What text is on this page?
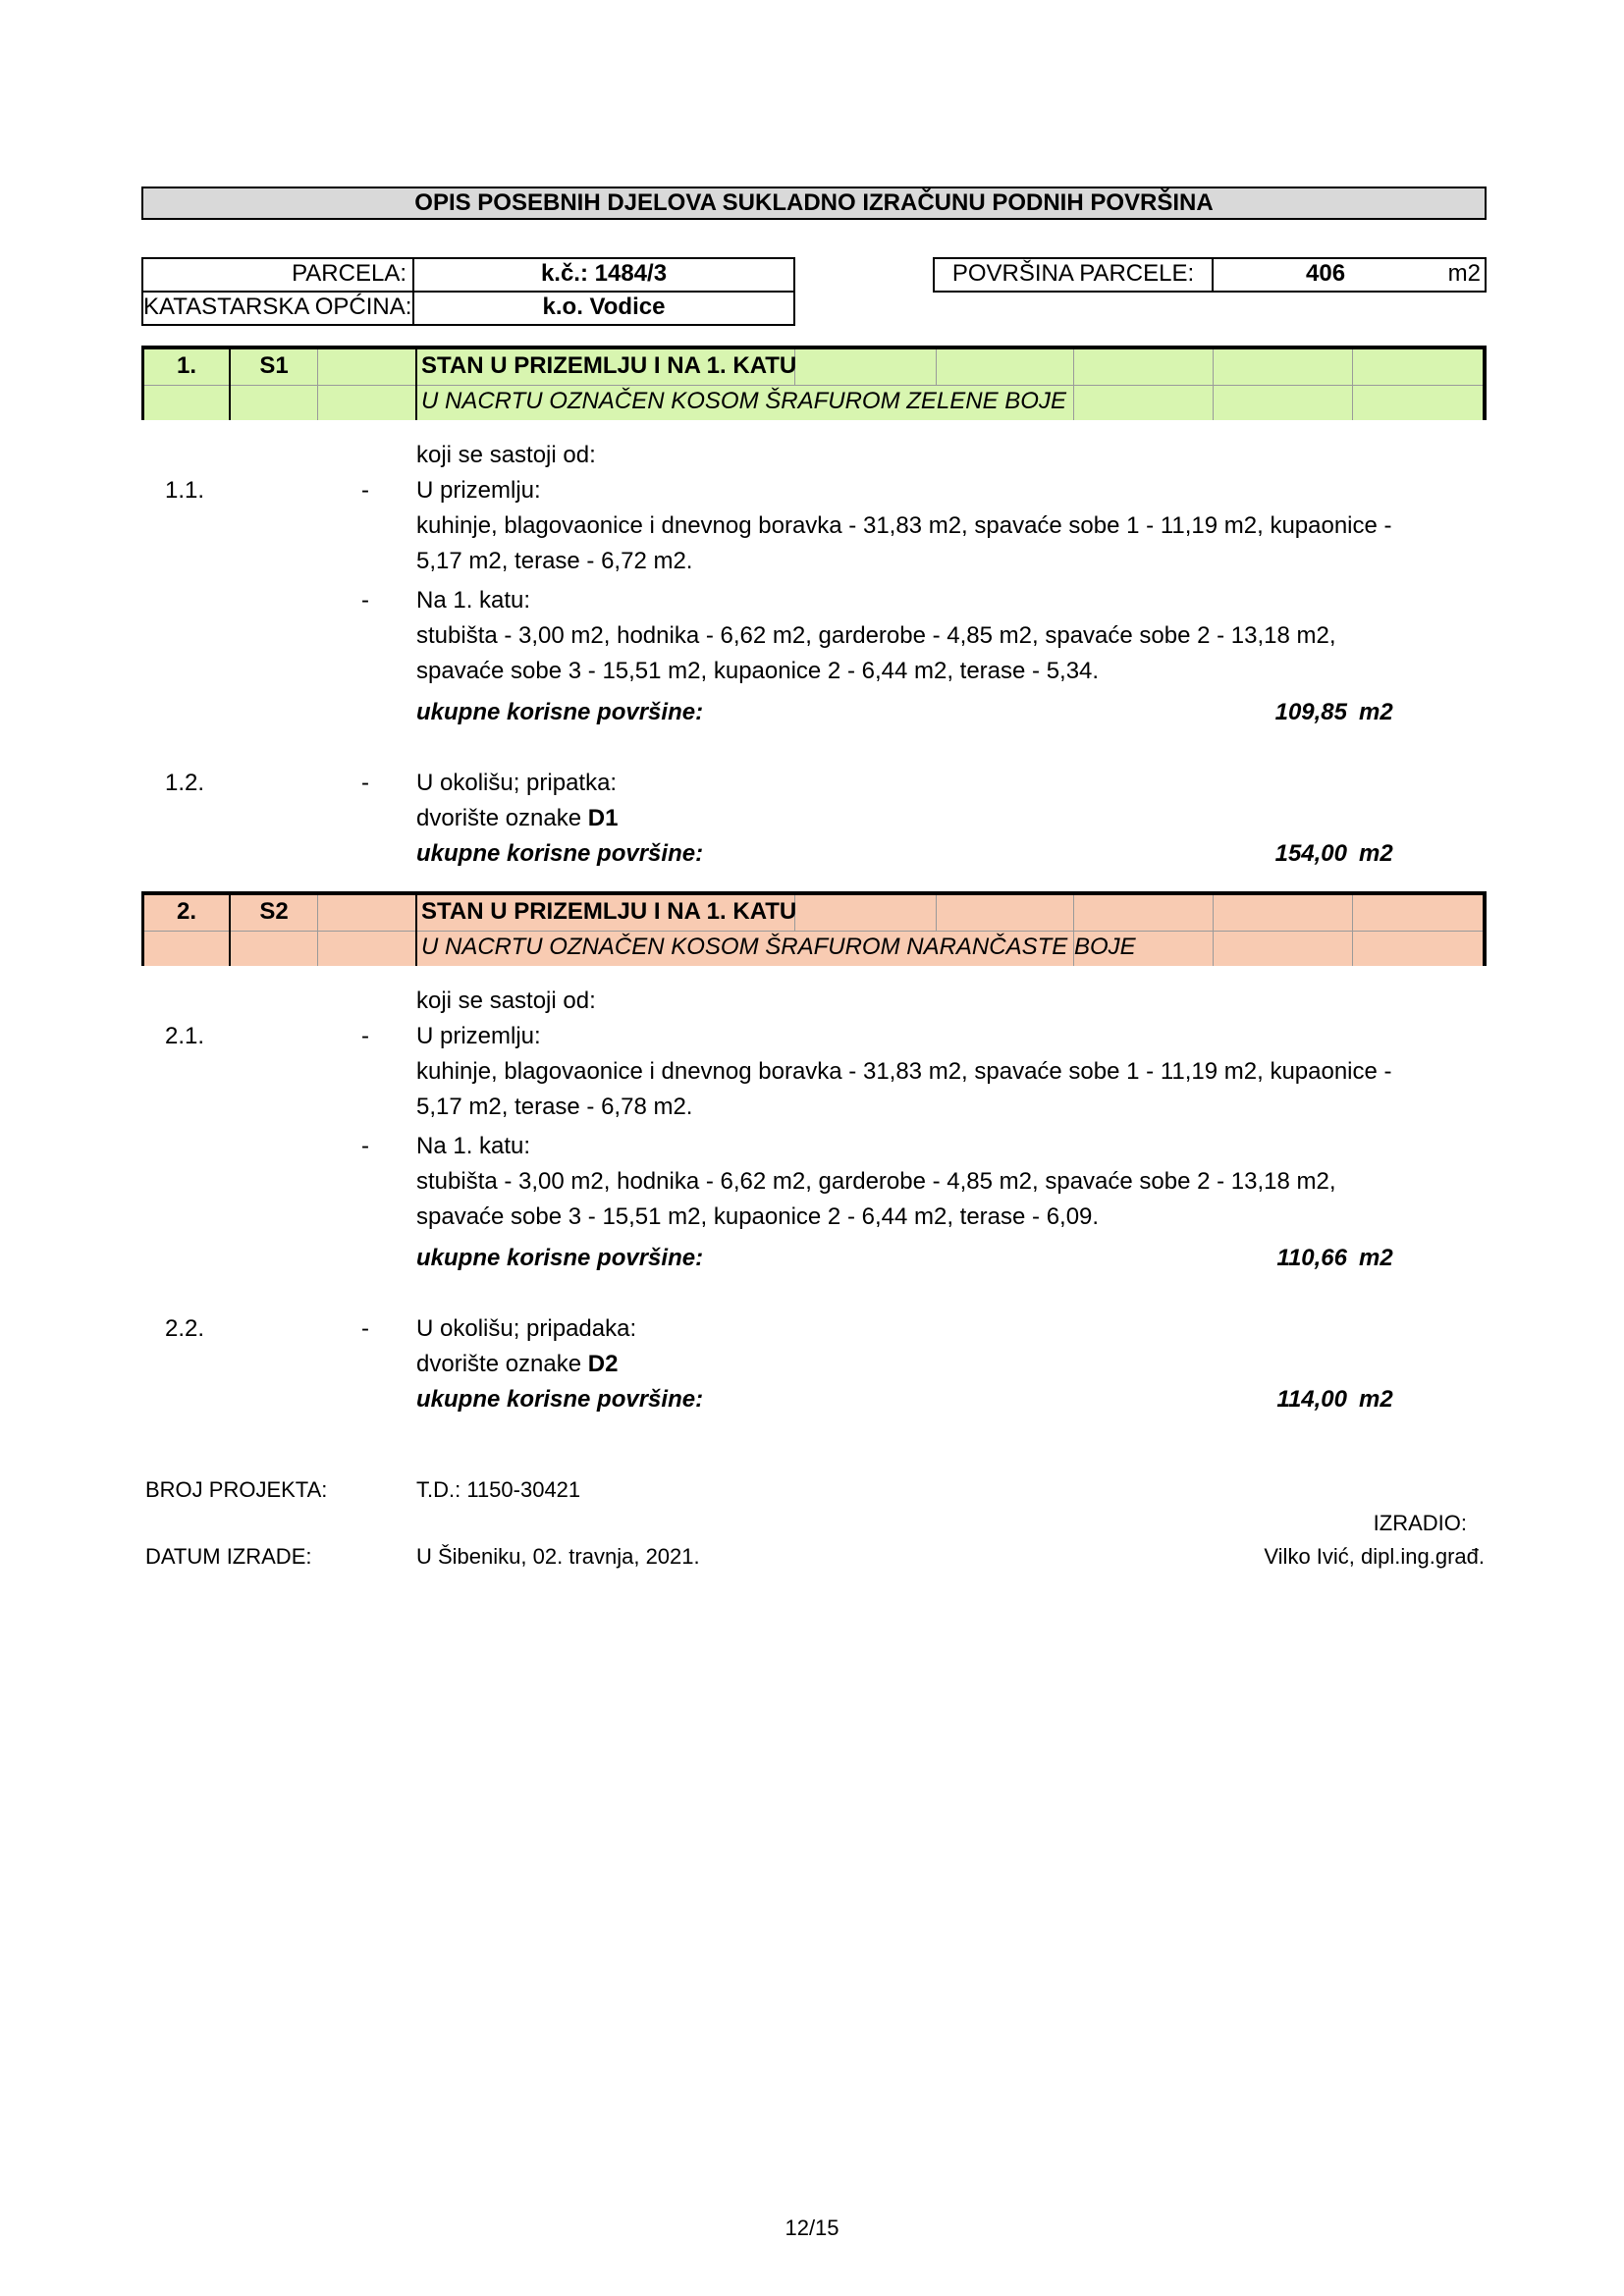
OPIS POSEBNIH DJELOVA SUKLADNO IZRAČUNU PODNIH POVRŠINA
PARCELA:	k.č.: 1484/3
KATASTARSKA OPĆINA:	k.o. Vodice
POVRŠINA PARCELE:	406	m2
1.	S1	STAN U PRIZEMLJU I NA 1. KATU
U NACRTU OZNAČEN KOSOM ŠRAFUROM ZELENE BOJE
koji se sastoji od:
1.1.	- U prizemlju:
kuhinje, blagovaonice i dnevnog boravka - 31,83 m2, spavaće sobe 1 - 11,19 m2, kupaonice -
5,17 m2, terase - 6,72 m2.
- Na 1. katu:
stubišta - 3,00 m2, hodnika - 6,62 m2, garderobe - 4,85 m2, spavaće sobe 2 - 13,18 m2,
spavaće sobe 3 - 15,51 m2, kupaonice 2 - 6,44 m2, terase - 5,34.
ukupne korisne površine:	109,85 m2
1.2.	- U okolišu; pripatka:
dvorište oznake D1
ukupne korisne površine:	154,00 m2
2.	S2	STAN U PRIZEMLJU I NA 1. KATU
U NACRTU OZNAČEN KOSOM ŠRAFUROM NARANČASTE BOJE
koji se sastoji od:
2.1.	- U prizemlju:
kuhinje, blagovaonice i dnevnog boravka - 31,83 m2, spavaće sobe 1 - 11,19 m2, kupaonice -
5,17 m2, terase - 6,78 m2.
- Na 1. katu:
stubišta - 3,00 m2, hodnika - 6,62 m2, garderobe - 4,85 m2, spavaće sobe 2 - 13,18 m2,
spavaće sobe 3 - 15,51 m2, kupaonice 2 - 6,44 m2, terase - 6,09.
ukupne korisne površine:	110,66 m2
2.2.	- U okolišu; pripadaka:
dvorište oznake D2
ukupne korisne površine:	114,00 m2
BROJ PROJEKTA:	T.D.: 1150-30421
IZRADIO:
DATUM IZRADE:	U Šibeniku, 02. travnja, 2021.	Vilko Ivić, dipl.ing.građ.
12/15
